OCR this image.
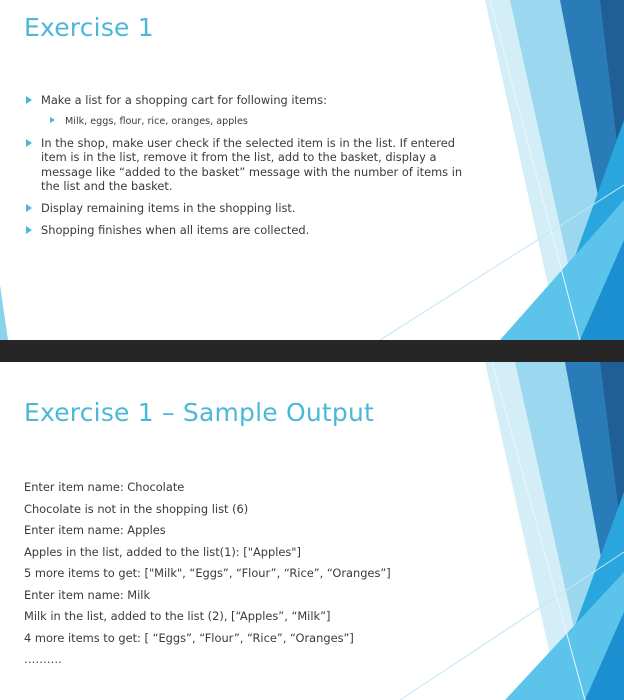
Exercise 1
Make a list for a shopping cart for following items:
Milk, eggs, flour, rice, oranges, apples
In the shop, make user check if the selected item is in the list. If entered item is in the list, remove it from the list, add to the basket, display a message like “added to the basket” message with the number of items in the list and the basket.
Display remaining items in the shopping list.
Shopping finishes when all items are collected.
Exercise 1 – Sample Output
Enter item name: Chocolate
Chocolate is not in the shopping list (6)
Enter item name: Apples
Apples in the list, added to the list(1): ["Apples"]
5 more items to get: ["Milk", “Eggs”, “Flour”, “Rice”, “Oranges”]
Enter item name: Milk
Milk in the list, added to the list (2), [“Apples”, “Milk”]
4 more items to get: [ “Eggs”, “Flour”, “Rice”, “Oranges”]
……….
